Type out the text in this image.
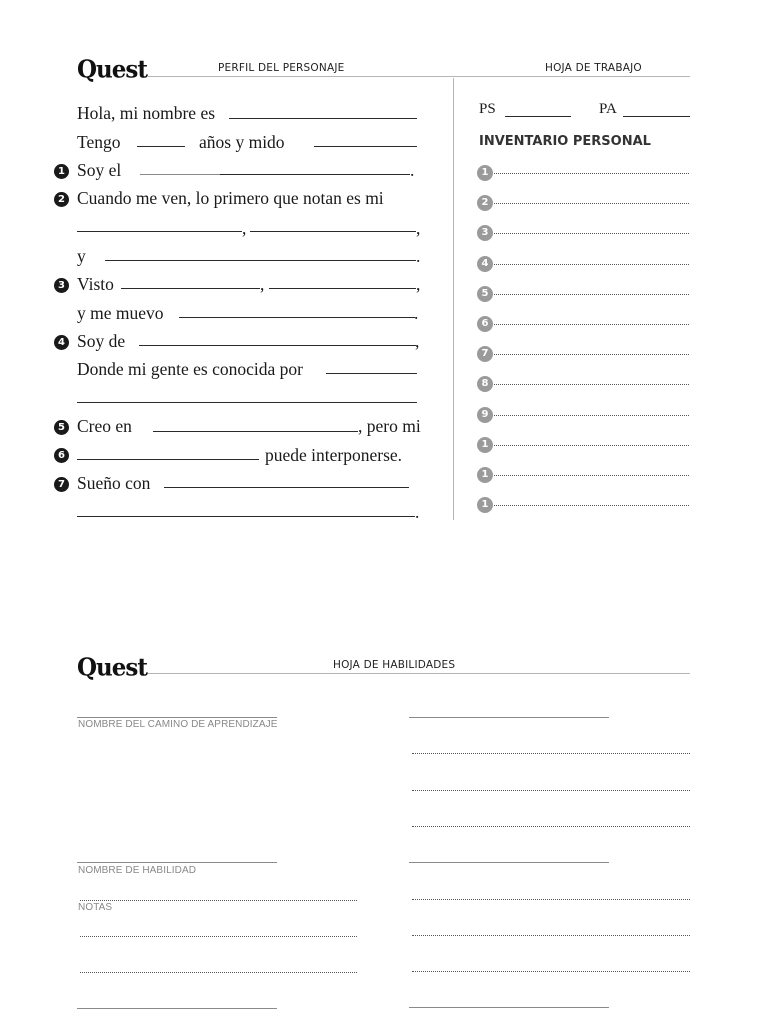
Quest	PERFIL DEL PERSONAJE	HOJA DE TRABAJO
Hola, mi nombre es
Tengo	años y mido
1 Soy el	.
2 Cuando me ven, lo primero que notan es mi
,	,
y	.
3 Visto	,	,
y me muevo	.
4 Soy de	,
Donde mi gente es conocida por
5 Creo en	, pero mi
6	puede interponerse.
7 Sueño con
.
PS	PA
INVENTARIO PERSONAL
1
2
3
4
5
6
7
8
9
1
1
1
Quest	HOJA DE HABILIDADES
NOMBRE DEL CAMINO DE APRENDIZAJE
NOMBRE DE HABILIDAD
NOTAS
